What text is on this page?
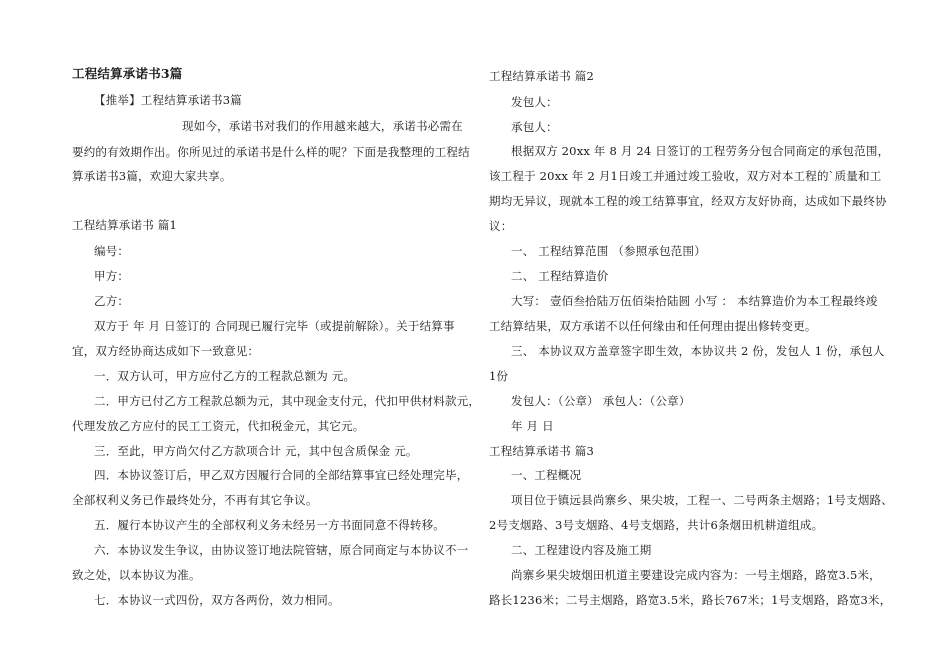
工程结算承诺书3篇
【推举】工程结算承诺书3篇
现如今，承诺书对我们的作用越来越大，承诺书必需在
要约的有效期作出。你所见过的承诺书是什么样的呢？下面是我整理的工程结
算承诺书3篇，欢迎大家共享。
工程结算承诺书 篇1
编号：
甲方：
乙方：
双方于 年 月 日签订的 合同现已履行完毕（或提前解除）。关于结算事
宜，双方经协商达成如下一致意见：
一．双方认可，甲方应付乙方的工程款总额为 元。
二．甲方已付乙方工程款总额为元，其中现金支付元，代扣甲供材料款元，
代理发放乙方应付的民工工资元，代扣税金元，其它元。
三．至此，甲方尚欠付乙方款项合计 元，其中包含质保金 元。
四．本协议签订后，甲乙双方因履行合同的全部结算事宜已经处理完毕，
全部权利义务已作最终处分，不再有其它争议。
五．履行本协议产生的全部权利义务未经另一方书面同意不得转移。
六．本协议发生争议，由协议签订地法院管辖，原合同商定与本协议不一
致之处，以本协议为准。
七．本协议一式四份，双方各两份，效力相同。
工程结算承诺书 篇2
发包人：
承包人：
根据双方 20xx 年 8 月 24 日签订的工程劳务分包合同商定的承包范围，
该工程于 20xx 年 2 月1日竣工并通过竣工验收，双方对本工程的`质量和工
期均无异议，现就本工程的竣工结算事宜，经双方友好协商，达成如下最终协
议：
一、 工程结算范围 （参照承包范围）
二、 工程结算造价
大写： 壹佰叁拾陆万伍佰柒拾陆圆 小写 ： 本结算造价为本工程最终竣
工结算结果，双方承诺不以任何缘由和任何理由提出修转变更。
三、 本协议双方盖章签字即生效，本协议共 2 份，发包人 1 份，承包人
1份
发包人：（公章） 承包人：（公章）
年 月 日
工程结算承诺书 篇3
一、工程概况
项目位于镇远县尚寨乡、果尖坡，工程一、二号两条主烟路；1号支烟路、
2号支烟路、3号支烟路、4号支烟路，共计6条烟田机耕道组成。
二、工程建设内容及施工期
尚寨乡果尖坡烟田机道主要建设完成内容为：一号主烟路，路宽3.5米，
路长1236米；二号主烟路，路宽3.5米，路长767米；1号支烟路，路宽3米，
